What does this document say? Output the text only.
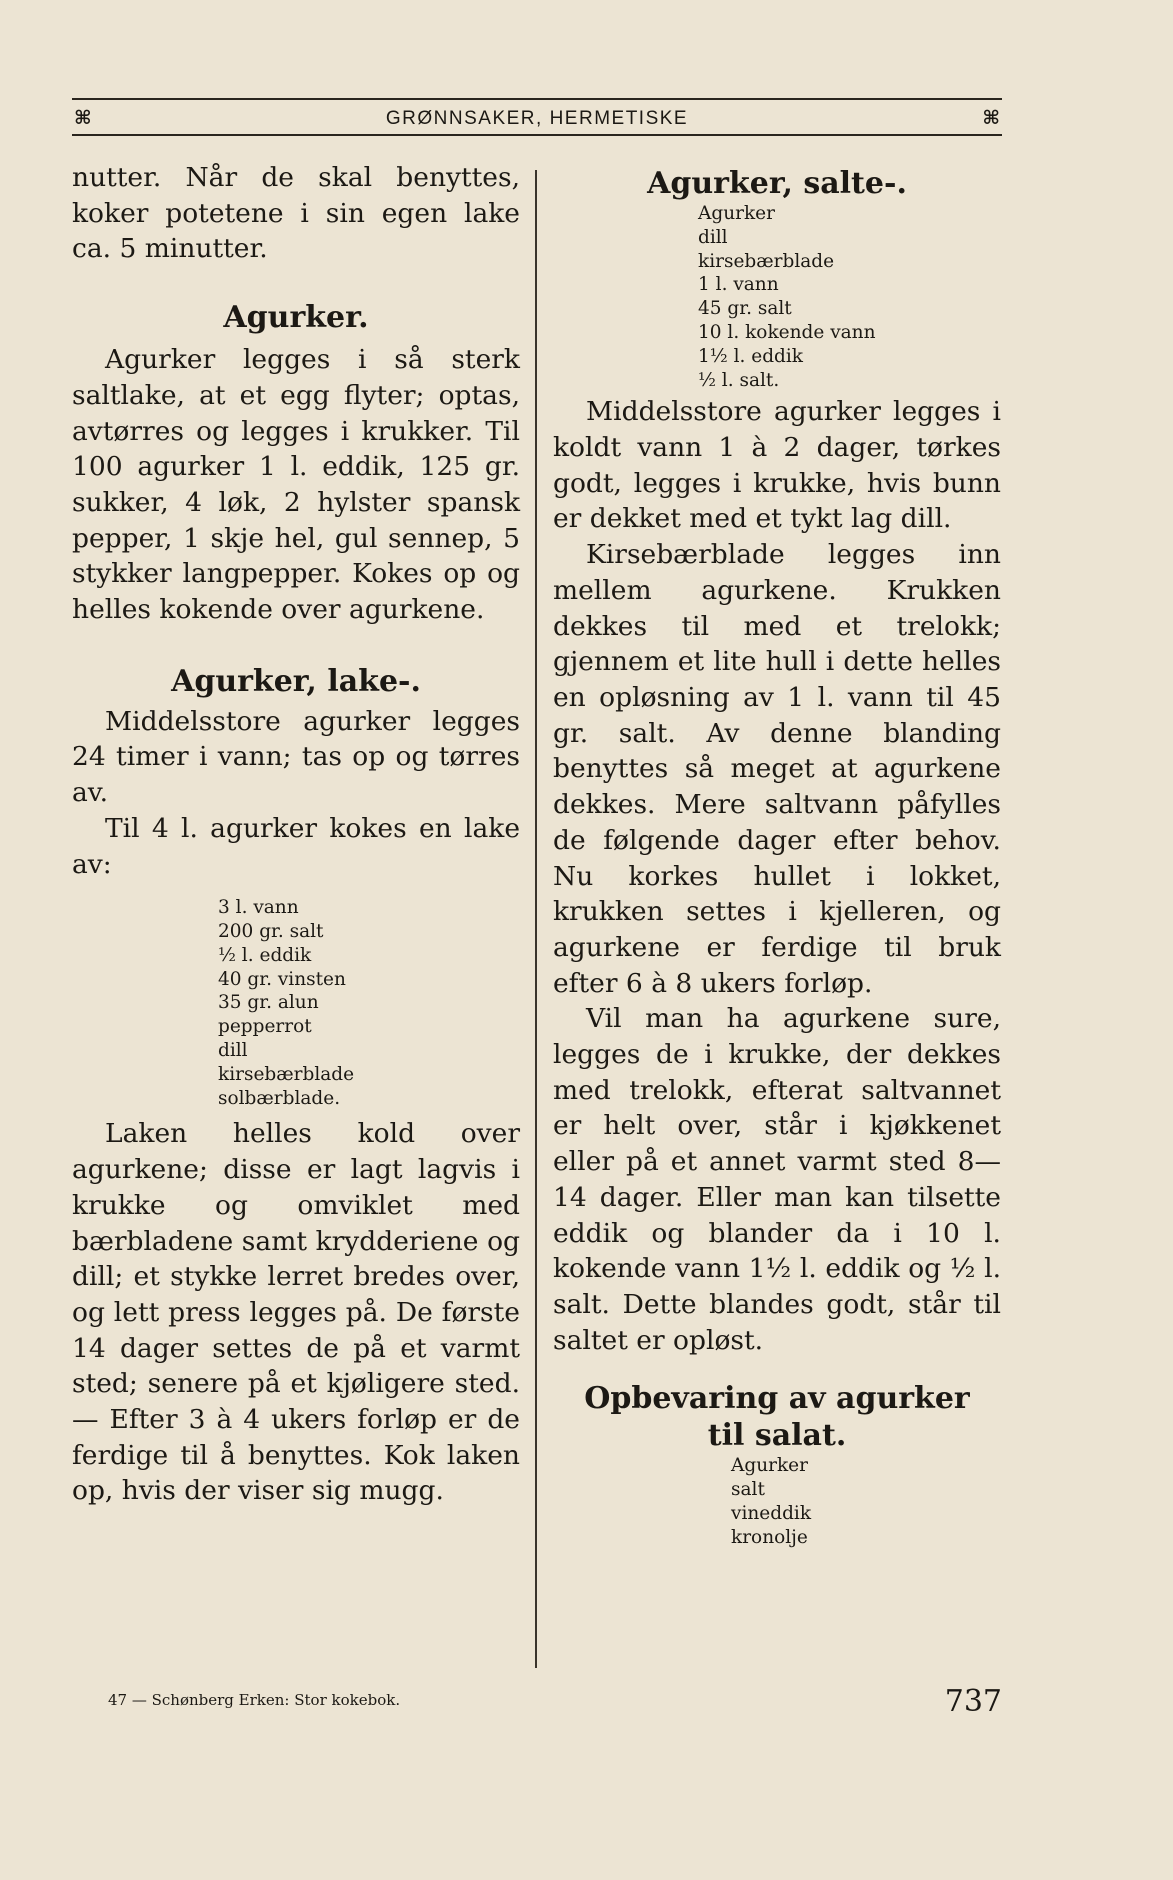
⌘	GRØNNSAKER, HERMETISKE	⌘

nutter. Når de skal benyttes, koker potetene i sin egen lake ca. 5 minutter.

Agurker.

Agurker legges i så sterk saltlake, at et egg flyter; optas, avtørres og legges i krukker. Til 100 agurker 1 l. eddik, 125 gr. sukker, 4 løk, 2 hylster spansk pepper, 1 skje hel, gul sennep, 5 stykker langpepper. Kokes op og helles kokende over agurkene.

Agurker, lake-.

Middelsstore agurker legges 24 timer i vann; tas op og tørres av.

Til 4 l. agurker kokes en lake av:

3 l. vann
200 gr. salt
½ l. eddik
40 gr. vinsten
35 gr. alun
pepperrot
dill
kirsebærblade
solbærblade.

Laken helles kold over agurkene; disse er lagt lagvis i krukke og omviklet med bærbladene samt krydderiene og dill; et stykke lerret bredes over, og lett press legges på. De første 14 dager settes de på et varmt sted; senere på et kjøligere sted. — Efter 3 à 4 ukers forløp er de ferdige til å benyttes. Kok laken op, hvis der viser sig mugg.

Agurker, salte-.
Agurker
dill
kirsebærblade
1 l. vann
45 gr. salt
10 l. kokende vann
1½ l. eddik
½ l. salt.

Middelsstore agurker legges i koldt vann 1 à 2 dager, tørkes godt, legges i krukke, hvis bunn er dekket med et tykt lag dill.

Kirsebærblade legges inn mellem agurkene. Krukken dekkes til med et trelokk; gjennem et lite hull i dette helles en opløsning av 1 l. vann til 45 gr. salt. Av denne blanding benyttes så meget at agurkene dekkes. Mere saltvann påfylles de følgende dager efter behov. Nu korkes hullet i lokket, krukken settes i kjelleren, og agurkene er ferdige til bruk efter 6 à 8 ukers forløp.

Vil man ha agurkene sure, legges de i krukke, der dekkes med trelokk, efterat saltvannet er helt over, står i kjøkkenet eller på et annet varmt sted 8—14 dager. Eller man kan tilsette eddik og blander da i 10 l. kokende vann 1½ l. eddik og ½ l. salt. Dette blandes godt, står til saltet er opløst.

Opbevaring av agurker til salat.
Agurker
salt
vineddik
kronolje
47 — Schønberg Erken: Stor kokebok.	737
